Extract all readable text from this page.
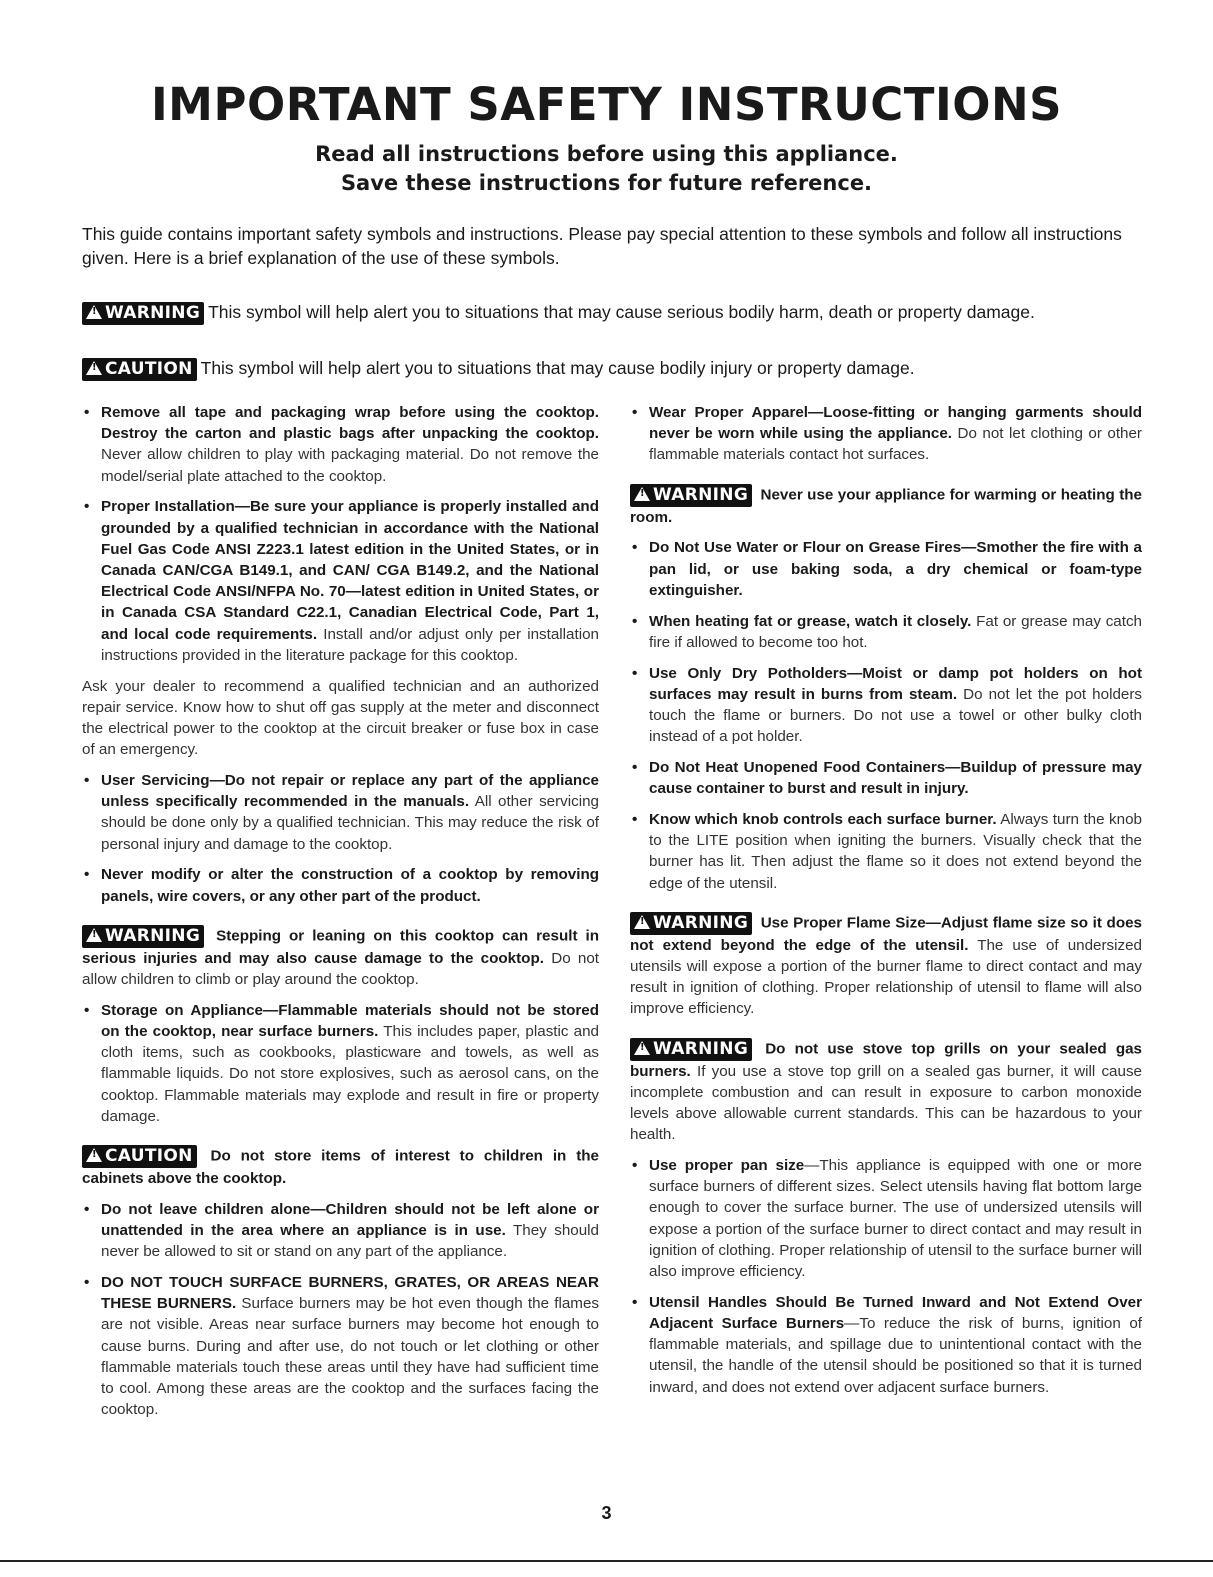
IMPORTANT SAFETY INSTRUCTIONS
Read all instructions before using this appliance.
Save these instructions for future reference.

This guide contains important safety symbols and instructions. Please pay special attention to these symbols and follow all instructions given. Here is a brief explanation of the use of these symbols.

!WARNING This symbol will help alert you to situations that may cause serious bodily harm, death or property damage.

!CAUTION This symbol will help alert you to situations that may cause bodily injury or property damage.

• Remove all tape and packaging wrap before using the cooktop. Destroy the carton and plastic bags after unpacking the cooktop. Never allow children to play with packaging material. Do not remove the model/serial plate attached to the cooktop.
• Proper Installation—Be sure your appliance is properly installed and grounded by a qualified technician in accordance with the National Fuel Gas Code ANSI Z223.1 latest edition in the United States, or in Canada CAN/CGA B149.1, and CAN/ CGA B149.2, and the National Electrical Code ANSI/NFPA No. 70—latest edition in United States, or in Canada CSA Standard C22.1, Canadian Electrical Code, Part 1, and local code requirements. Install and/or adjust only per installation instructions provided in the literature package for this cooktop.

Ask your dealer to recommend a qualified technician and an authorized repair service. Know how to shut off gas supply at the meter and disconnect the electrical power to the cooktop at the circuit breaker or fuse box in case of an emergency.

• User Servicing—Do not repair or replace any part of the appliance unless specifically recommended in the manuals. All other servicing should be done only by a qualified technician. This may reduce the risk of personal injury and damage to the cooktop.
• Never modify or alter the construction of a cooktop by removing panels, wire covers, or any other part of the product.

!WARNING Stepping or leaning on this cooktop can result in serious injuries and may also cause damage to the cooktop. Do not allow children to climb or play around the cooktop.

• Storage on Appliance—Flammable materials should not be stored on the cooktop, near surface burners. This includes paper, plastic and cloth items, such as cookbooks, plasticware and towels, as well as flammable liquids. Do not store explosives, such as aerosol cans, on the cooktop. Flammable materials may explode and result in fire or property damage.

!CAUTION Do not store items of interest to children in the cabinets above the cooktop.

• Do not leave children alone—Children should not be left alone or unattended in the area where an appliance is in use. They should never be allowed to sit or stand on any part of the appliance.
• DO NOT TOUCH SURFACE BURNERS, GRATES, OR AREAS NEAR THESE BURNERS. Surface burners may be hot even though the flames are not visible. Areas near surface burners may become hot enough to cause burns. During and after use, do not touch or let clothing or other flammable materials touch these areas until they have had sufficient time to cool. Among these areas are the cooktop and the surfaces facing the cooktop.
• Wear Proper Apparel—Loose-fitting or hanging garments should never be worn while using the appliance. Do not let clothing or other flammable materials contact hot surfaces.

!WARNING Never use your appliance for warming or heating the room.

• Do Not Use Water or Flour on Grease Fires—Smother the fire with a pan lid, or use baking soda, a dry chemical or foam-type extinguisher.
• When heating fat or grease, watch it closely. Fat or grease may catch fire if allowed to become too hot.
• Use Only Dry Potholders—Moist or damp pot holders on hot surfaces may result in burns from steam. Do not let the pot holders touch the flame or burners. Do not use a towel or other bulky cloth instead of a pot holder.
• Do Not Heat Unopened Food Containers—Buildup of pressure may cause container to burst and result in injury.
• Know which knob controls each surface burner. Always turn the knob to the LITE position when igniting the burners. Visually check that the burner has lit. Then adjust the flame so it does not extend beyond the edge of the utensil.

!WARNING Use Proper Flame Size—Adjust flame size so it does not extend beyond the edge of the utensil. The use of undersized utensils will expose a portion of the burner flame to direct contact and may result in ignition of clothing. Proper relationship of utensil to flame will also improve efficiency.

!WARNING Do not use stove top grills on your sealed gas burners. If you use a stove top grill on a sealed gas burner, it will cause incomplete combustion and can result in exposure to carbon monoxide levels above allowable current standards. This can be hazardous to your health.

• Use proper pan size—This appliance is equipped with one or more surface burners of different sizes. Select utensils having flat bottom large enough to cover the surface burner. The use of undersized utensils will expose a portion of the surface burner to direct contact and may result in ignition of clothing. Proper relationship of utensil to the surface burner will also improve efficiency.
• Utensil Handles Should Be Turned Inward and Not Extend Over Adjacent Surface Burners—To reduce the risk of burns, ignition of flammable materials, and spillage due to unintentional contact with the utensil, the handle of the utensil should be positioned so that it is turned inward, and does not extend over adjacent surface burners.
3
